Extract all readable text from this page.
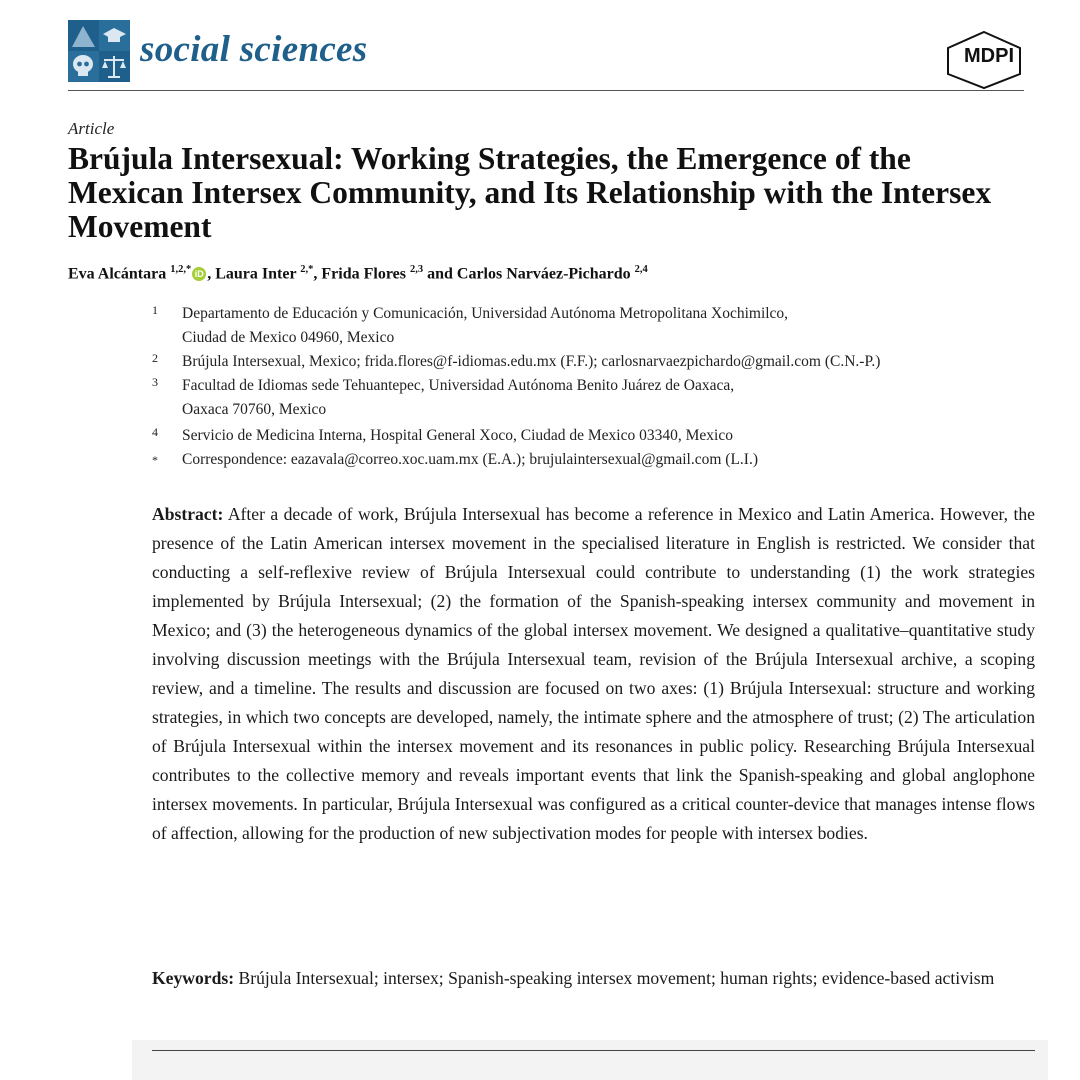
social sciences	MDPI
Article
Brújula Intersexual: Working Strategies, the Emergence of the Mexican Intersex Community, and Its Relationship with the Intersex Movement
Eva Alcántara $^{1,2,*}$ iD , Laura Inter $^{2,*}$, Frida Flores $^{2,3}$ and Carlos Narváez-Pichardo $^{2,4}$
1	Departamento de Educación y Comunicación, Universidad Autónoma Metropolitana Xochimilco,
Ciudad de Mexico 04960, Mexico
2	Brújula Intersexual, Mexico; frida.flores@f-idiomas.edu.mx (F.F.); carlosnarvaezpichardo@gmail.com (C.N.-P.)
3	Facultad de Idiomas sede Tehuantepec, Universidad Autónoma Benito Juárez de Oaxaca,
Oaxaca 70760, Mexico
4	Servicio de Medicina Interna, Hospital General Xoco, Ciudad de Mexico 03340, Mexico
*	Correspondence: eazavala@correo.xoc.uam.mx (E.A.); brujulaintersexual@gmail.com (L.I.)

Abstract: After a decade of work, Brújula Intersexual has become a reference in Mexico and Latin America. However, the presence of the Latin American intersex movement in the specialised literature in English is restricted. We consider that conducting a self-reflexive review of Brújula Intersexual could contribute to understanding (1) the work strategies implemented by Brújula Intersexual; (2) the formation of the Spanish-speaking intersex community and movement in Mexico; and (3) the heterogeneous dynamics of the global intersex movement. We designed a qualitative–quantitative study involving discussion meetings with the Brújula Intersexual team, revision of the Brújula Intersexual archive, a scoping review, and a timeline. The results and discussion are focused on two axes: (1) Brújula Intersexual: structure and working strategies, in which two concepts are developed, namely, the intimate sphere and the atmosphere of trust; (2) The articulation of Brújula Intersexual within the intersex movement and its resonances in public policy. Researching Brújula Intersexual contributes to the collective memory and reveals important events that link the Spanish-speaking and global anglophone intersex movements. In particular, Brújula Intersexual was configured as a critical counter-device that manages intense flows of affection, allowing for the production of new subjectivation modes for people with intersex bodies.

Keywords: Brújula Intersexual; intersex; Spanish-speaking intersex movement; human rights; evidence-based activism
